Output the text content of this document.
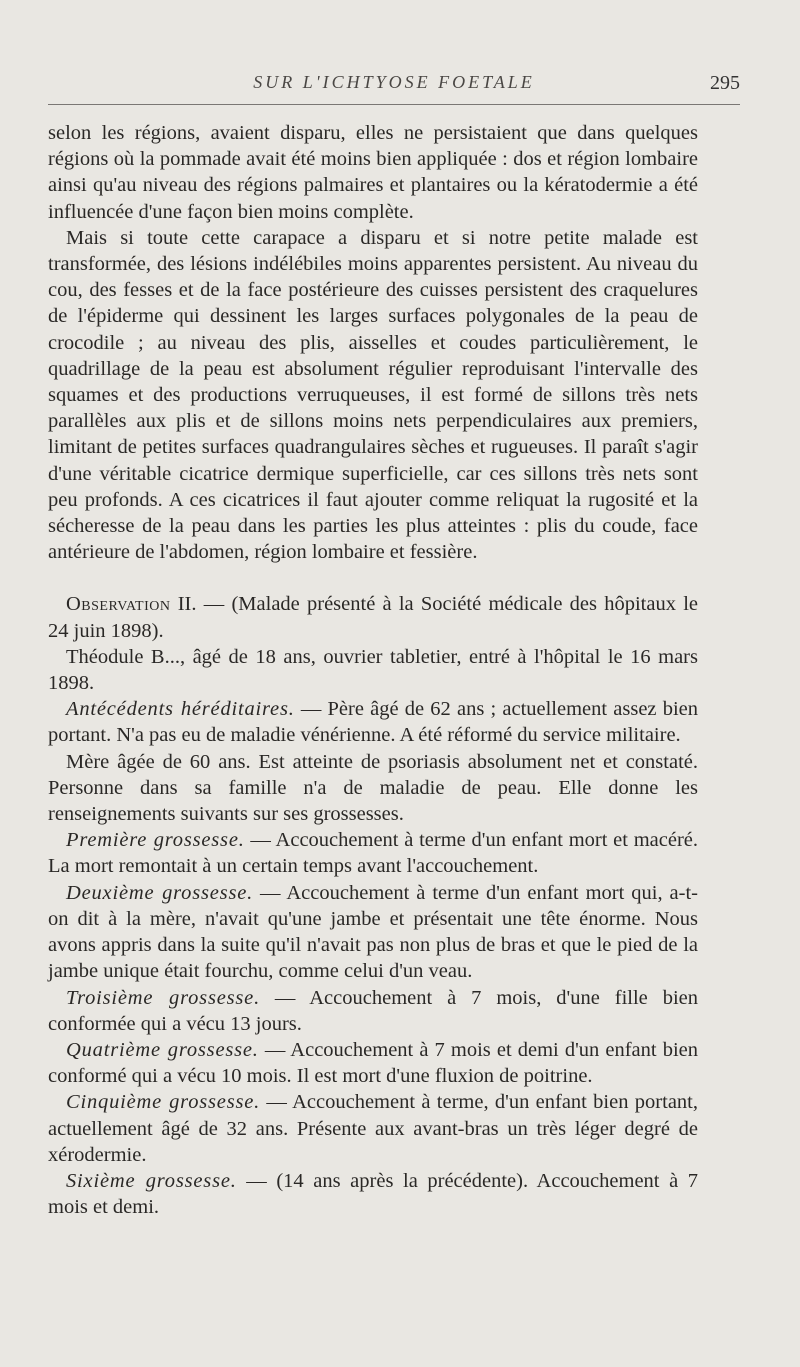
SUR L'ICHTYOSE FOETALE	295

selon les régions, avaient disparu, elles ne persistaient que dans quelques régions où la pommade avait été moins bien appliquée : dos et région lombaire ainsi qu'au niveau des régions palmaires et plantaires ou la kératodermie a été influencée d'une façon bien moins complète.

Mais si toute cette carapace a disparu et si notre petite malade est transformée, des lésions indélébiles moins apparentes persistent. Au niveau du cou, des fesses et de la face postérieure des cuisses persistent des craquelures de l'épiderme qui dessinent les larges surfaces polygonales de la peau de crocodile ; au niveau des plis, aisselles et coudes particulièrement, le quadrillage de la peau est absolument régulier reproduisant l'intervalle des squames et des productions verruqueuses, il est formé de sillons très nets parallèles aux plis et de sillons moins nets perpendiculaires aux premiers, limitant de petites surfaces quadrangulaires sèches et rugueuses. Il paraît s'agir d'une véritable cicatrice dermique superficielle, car ces sillons très nets sont peu profonds. A ces cicatrices il faut ajouter comme reliquat la rugosité et la sécheresse de la peau dans les parties les plus atteintes : plis du coude, face antérieure de l'abdomen, région lombaire et fessière.

Observation II. — (Malade présenté à la Société médicale des hôpitaux le 24 juin 1898).

Théodule B..., âgé de 18 ans, ouvrier tabletier, entré à l'hôpital le 16 mars 1898.

Antécédents héréditaires. — Père âgé de 62 ans ; actuellement assez bien portant. N'a pas eu de maladie vénérienne. A été réformé du service militaire.

Mère âgée de 60 ans. Est atteinte de psoriasis absolument net et constaté. Personne dans sa famille n'a de maladie de peau. Elle donne les renseignements suivants sur ses grossesses.

Première grossesse. — Accouchement à terme d'un enfant mort et macéré. La mort remontait à un certain temps avant l'accouchement.

Deuxième grossesse. — Accouchement à terme d'un enfant mort qui, a-t-on dit à la mère, n'avait qu'une jambe et présentait une tête énorme. Nous avons appris dans la suite qu'il n'avait pas non plus de bras et que le pied de la jambe unique était fourchu, comme celui d'un veau.

Troisième grossesse. — Accouchement à 7 mois, d'une fille bien conformée qui a vécu 13 jours.

Quatrième grossesse. — Accouchement à 7 mois et demi d'un enfant bien conformé qui a vécu 10 mois. Il est mort d'une fluxion de poitrine.

Cinquième grossesse. — Accouchement à terme, d'un enfant bien portant, actuellement âgé de 32 ans. Présente aux avant-bras un très léger degré de xérodermie.

Sixième grossesse. — (14 ans après la précédente). Accouchement à 7 mois et demi.
